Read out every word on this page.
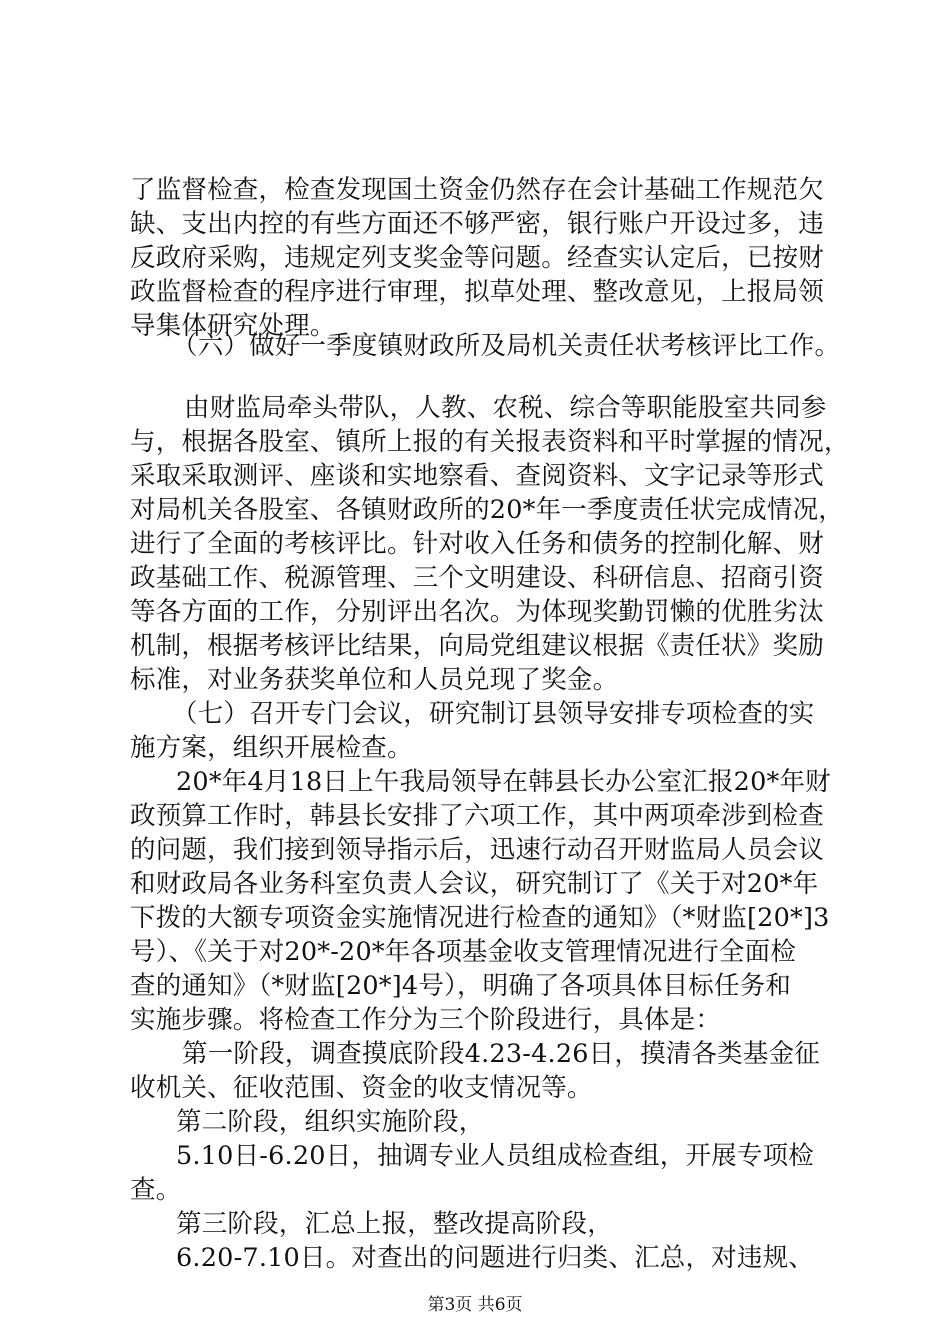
了监督检查，检查发现国土资金仍然存在会计基础工作规范欠
缺、支出内控的有些方面还不够严密，银行账户开设过多，违
反政府采购，违规定列支奖金等问题。经查实认定后，已按财
政监督检查的程序进行审理，拟草处理、整改意见，上报局领
导集体研究处理。
（六）做好一季度镇财政所及局机关责任状考核评比工作。
由财监局牵头带队，人教、农税、综合等职能股室共同参
与，根据各股室、镇所上报的有关报表资料和平时掌握的情况，
采取采取测评、座谈和实地察看、查阅资料、文字记录等形式
对局机关各股室、各镇财政所的20*年一季度责任状完成情况，
进行了全面的考核评比。针对收入任务和债务的控制化解、财
政基础工作、税源管理、三个文明建设、科研信息、招商引资
等各方面的工作，分别评出名次。为体现奖勤罚懒的优胜劣汰
机制，根据考核评比结果，向局党组建议根据《责任状》奖励
标准，对业务获奖单位和人员兑现了奖金。
（七）召开专门会议，研究制订县领导安排专项检查的实
施方案，组织开展检查。
20*年4月18日上午我局领导在韩县长办公室汇报20*年财
政预算工作时，韩县长安排了六项工作，其中两项牵涉到检查
的问题，我们接到领导指示后，迅速行动召开财监局人员会议
和财政局各业务科室负责人会议，研究制订了《关于对20*年
下拨的大额专项资金实施情况进行检查的通知》（*财监[20*]3
号）、《关于对20*-20*年各项基金收支管理情况进行全面检
查的通知》（*财监[20*]4号），明确了各项具体目标任务和
实施步骤。将检查工作分为三个阶段进行，具体是：
第一阶段，调查摸底阶段4.23-4.26日，摸清各类基金征
收机关、征收范围、资金的收支情况等。
第二阶段，组织实施阶段，
5.10日-6.20日，抽调专业人员组成检查组，开展专项检
查。
第三阶段，汇总上报，整改提高阶段，
6.20-7.10日。对查出的问题进行归类、汇总，对违规、
第3页 共6页
